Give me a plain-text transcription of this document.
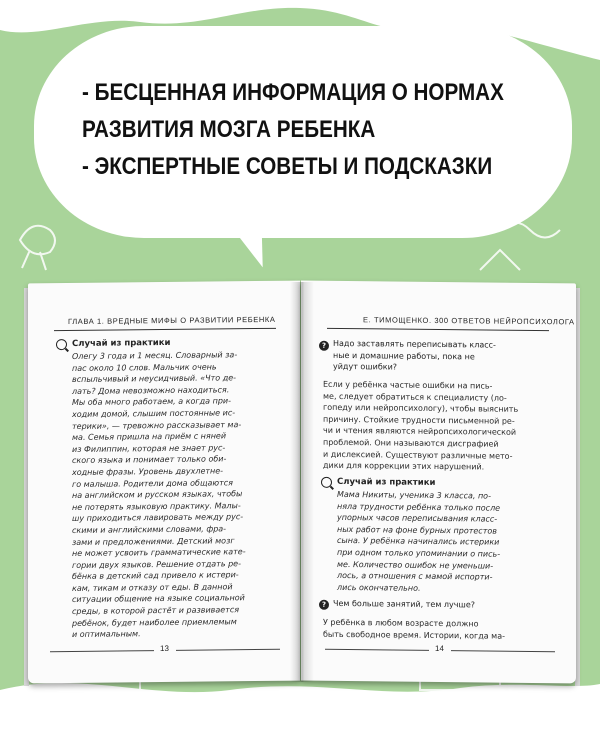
- БЕСЦЕННАЯ ИНФОРМАЦИЯ О НОРМАХ
РАЗВИТИЯ МОЗГА РЕБЕНКА
- ЭКСПЕРТНЫЕ СОВЕТЫ И ПОДСКАЗКИ
ГЛАВА 1. ВРЕДНЫЕ МИФЫ О РАЗВИТИИ РЕБЕНКА
Случай из практики
Олегу 3 года и 1 месяц. Словарный за-
пас около 10 слов. Мальчик очень
вспыльчивый и неусидчивый. «Что де-
лать? Дома невозможно находиться.
Мы оба много работаем, а когда при-
ходим домой, слышим постоянные ис-
терики», — тревожно рассказывает ма-
ма. Семья пришла на приём с няней
из Филиппин, которая не знает рус-
ского языка и понимает только оби-
ходные фразы. Уровень двухлетне-
го малыша. Родители дома общаются
на английском и русском языках, чтобы
не потерять языковую практику. Малы-
шу приходиться лавировать между рус-
скими и английскими словами, фра-
зами и предложениями. Детский мозг
не может усвоить грамматические кате-
гории двух языков. Решение отдать ре-
бёнка в детский сад привело к истери-
кам, тикам и отказу от еды. В данной
ситуации общение на языке социальной
среды, в которой растёт и развивается
ребёнок, будет наиболее приемлемым
и оптимальным.
13
Е. ТИМОЩЕНКО. 300 ОТВЕТОВ НЕЙРОПСИХОЛОГА
? Надо заставлять переписывать класс-
ные и домашние работы, пока не
уйдут ошибки?
Если у ребёнка частые ошибки на пись-
ме, следует обратиться к специалисту (ло-
гопеду или нейропсихологу), чтобы выяснить
причину. Стойкие трудности письменной ре-
чи и чтения являются нейропсихологической
проблемой. Они называются дисграфией
и дислексией. Существуют различные мето-
дики для коррекции этих нарушений.
Случай из практики
Мама Никиты, ученика 3 класса, по-
няла трудности ребёнка только после
упорных часов переписывания класс-
ных работ на фоне бурных протестов
сына. У ребёнка начинались истерики
при одном только упоминании о пись-
ме. Количество ошибок не уменьши-
лось, а отношения с мамой испорти-
лись окончательно.
? Чем больше занятий, тем лучше?
У ребёнка в любом возрасте должно
быть свободное время. Истории, когда ма-
14
